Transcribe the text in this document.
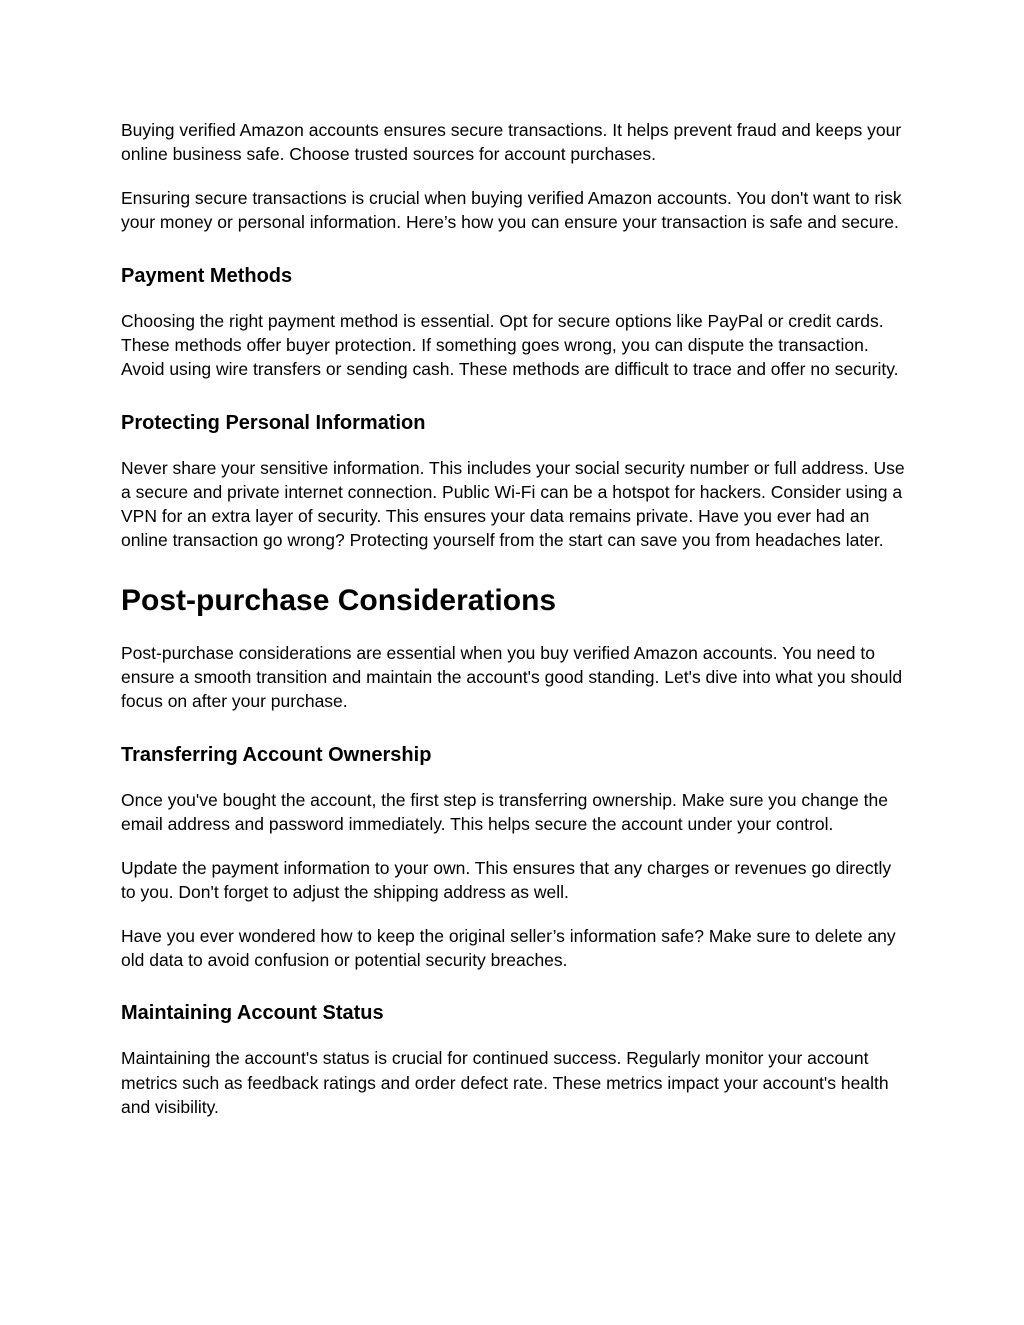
Buying verified Amazon accounts ensures secure transactions. It helps prevent fraud and keeps your online business safe. Choose trusted sources for account purchases.

Ensuring secure transactions is crucial when buying verified Amazon accounts. You don't want to risk your money or personal information. Here’s how you can ensure your transaction is safe and secure.

Payment Methods

Choosing the right payment method is essential. Opt for secure options like PayPal or credit cards. These methods offer buyer protection. If something goes wrong, you can dispute the transaction. Avoid using wire transfers or sending cash. These methods are difficult to trace and offer no security.

Protecting Personal Information

Never share your sensitive information. This includes your social security number or full address. Use a secure and private internet connection. Public Wi-Fi can be a hotspot for hackers. Consider using a VPN for an extra layer of security. This ensures your data remains private. Have you ever had an online transaction go wrong? Protecting yourself from the start can save you from headaches later.

Post-purchase Considerations

Post-purchase considerations are essential when you buy verified Amazon accounts. You need to ensure a smooth transition and maintain the account's good standing. Let's dive into what you should focus on after your purchase.

Transferring Account Ownership

Once you've bought the account, the first step is transferring ownership. Make sure you change the email address and password immediately. This helps secure the account under your control.

Update the payment information to your own. This ensures that any charges or revenues go directly to you. Don't forget to adjust the shipping address as well.

Have you ever wondered how to keep the original seller’s information safe? Make sure to delete any old data to avoid confusion or potential security breaches.

Maintaining Account Status

Maintaining the account's status is crucial for continued success. Regularly monitor your account metrics such as feedback ratings and order defect rate. These metrics impact your account's health and visibility.
